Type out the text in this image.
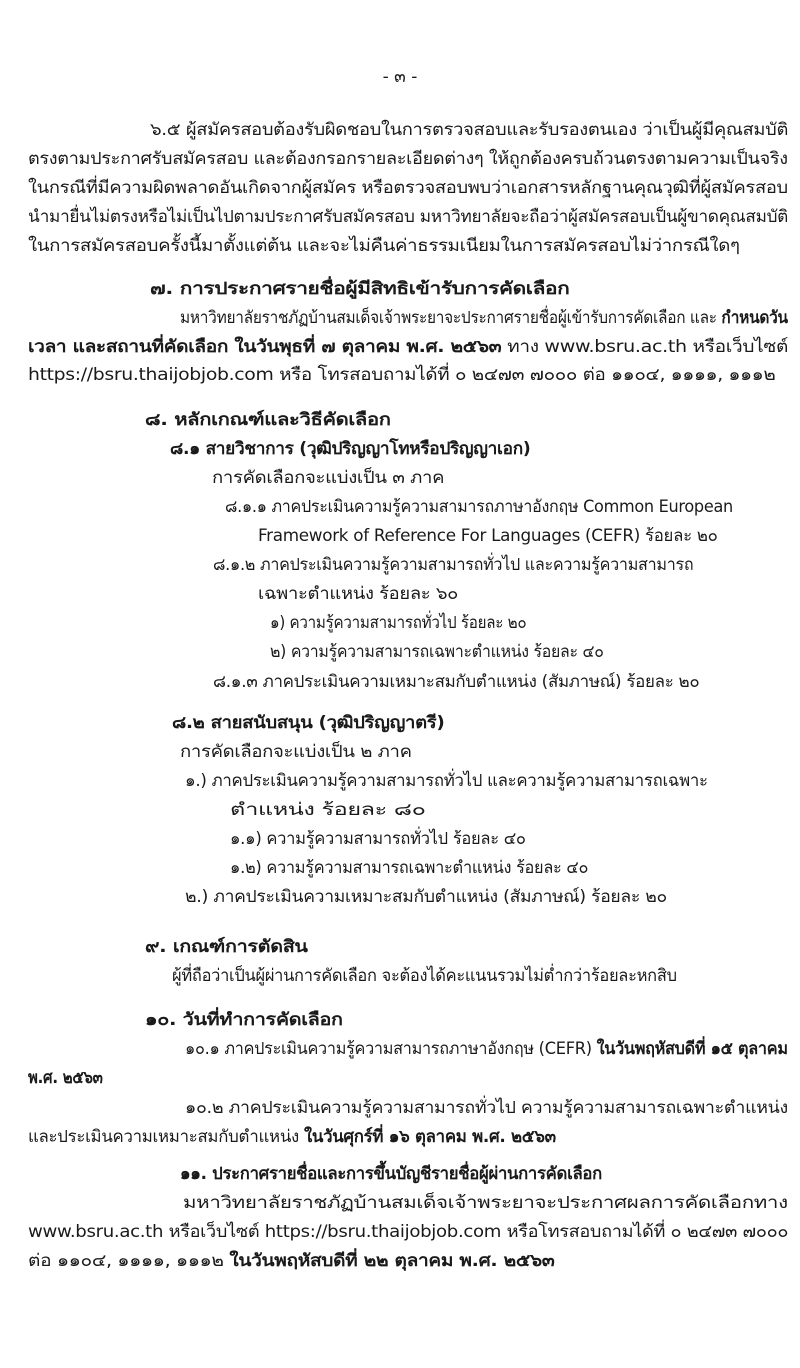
- ๓ -
๖.๕ ผู้สมัครสอบต้องรับผิดชอบในการตรวจสอบและรับรองตนเอง ว่าเป็นผู้มีคุณสมบัติ
ตรงตามประกาศรับสมัครสอบ และต้องกรอกรายละเอียดต่างๆ ให้ถูกต้องครบถ้วนตรงตามความเป็นจริง
ในกรณีที่มีความผิดพลาดอันเกิดจากผู้สมัคร หรือตรวจสอบพบว่าเอกสารหลักฐานคุณวุฒิที่ผู้สมัครสอบ
นำมายื่นไม่ตรงหรือไม่เป็นไปตามประกาศรับสมัครสอบ มหาวิทยาลัยจะถือว่าผู้สมัครสอบเป็นผู้ขาดคุณสมบัติ
ในการสมัครสอบครั้งนี้มาตั้งแต่ต้น และจะไม่คืนค่าธรรมเนียมในการสมัครสอบไม่ว่ากรณีใดๆ
๗. การประกาศรายชื่อผู้มีสิทธิเข้ารับการคัดเลือก
มหาวิทยาลัยราชภัฏบ้านสมเด็จเจ้าพระยาจะประกาศรายชื่อผู้เข้ารับการคัดเลือก และ กำหนดวัน
เวลา และสถานที่คัดเลือก ในวันพุธที่ ๗ ตุลาคม พ.ศ. ๒๕๖๓ ทาง www.bsru.ac.th หรือเว็บไซต์
https://bsru.thaijobjob.com หรือ โทรสอบถามได้ที่ ๐ ๒๔๗๓ ๗๐๐๐ ต่อ ๑๑๐๔, ๑๑๑๑, ๑๑๑๒
๘. หลักเกณฑ์และวิธีคัดเลือก
๘.๑ สายวิชาการ (วุฒิปริญญาโทหรือปริญญาเอก)
การคัดเลือกจะแบ่งเป็น ๓ ภาค
๘.๑.๑ ภาคประเมินความรู้ความสามารถภาษาอังกฤษ Common European
Framework of Reference For Languages (CEFR) ร้อยละ ๒๐
๘.๑.๒ ภาคประเมินความรู้ความสามารถทั่วไป และความรู้ความสามารถ
เฉพาะตำแหน่ง ร้อยละ ๖๐
๑) ความรู้ความสามารถทั่วไป ร้อยละ ๒๐
๒) ความรู้ความสามารถเฉพาะตำแหน่ง ร้อยละ ๔๐
๘.๑.๓ ภาคประเมินความเหมาะสมกับตำแหน่ง (สัมภาษณ์) ร้อยละ ๒๐
๘.๒ สายสนับสนุน (วุฒิปริญญาตรี)
การคัดเลือกจะแบ่งเป็น ๒ ภาค
๑.) ภาคประเมินความรู้ความสามารถทั่วไป และความรู้ความสามารถเฉพาะ
ตำแหน่ง ร้อยละ ๘๐
๑.๑) ความรู้ความสามารถทั่วไป ร้อยละ ๔๐
๑.๒) ความรู้ความสามารถเฉพาะตำแหน่ง ร้อยละ ๔๐
๒.) ภาคประเมินความเหมาะสมกับตำแหน่ง (สัมภาษณ์) ร้อยละ ๒๐
๙. เกณฑ์การตัดสิน
ผู้ที่ถือว่าเป็นผู้ผ่านการคัดเลือก จะต้องได้คะแนนรวมไม่ต่ำกว่าร้อยละหกสิบ
๑๐. วันที่ทำการคัดเลือก
๑๐.๑ ภาคประเมินความรู้ความสามารถภาษาอังกฤษ (CEFR) ในวันพฤหัสบดีที่ ๑๕ ตุลาคม
พ.ศ. ๒๕๖๓
๑๐.๒ ภาคประเมินความรู้ความสามารถทั่วไป ความรู้ความสามารถเฉพาะตำแหน่ง
และประเมินความเหมาะสมกับตำแหน่ง ในวันศุกร์ที่ ๑๖ ตุลาคม พ.ศ. ๒๕๖๓
๑๑. ประกาศรายชื่อและการขึ้นบัญชีรายชื่อผู้ผ่านการคัดเลือก
มหาวิทยาลัยราชภัฏบ้านสมเด็จเจ้าพระยาจะประกาศผลการคัดเลือกทาง
www.bsru.ac.th หรือเว็บไซต์ https://bsru.thaijobjob.com หรือโทรสอบถามได้ที่ ๐ ๒๔๗๓ ๗๐๐๐
ต่อ ๑๑๐๔, ๑๑๑๑, ๑๑๑๒ ในวันพฤหัสบดีที่ ๒๒ ตุลาคม พ.ศ. ๒๕๖๓
